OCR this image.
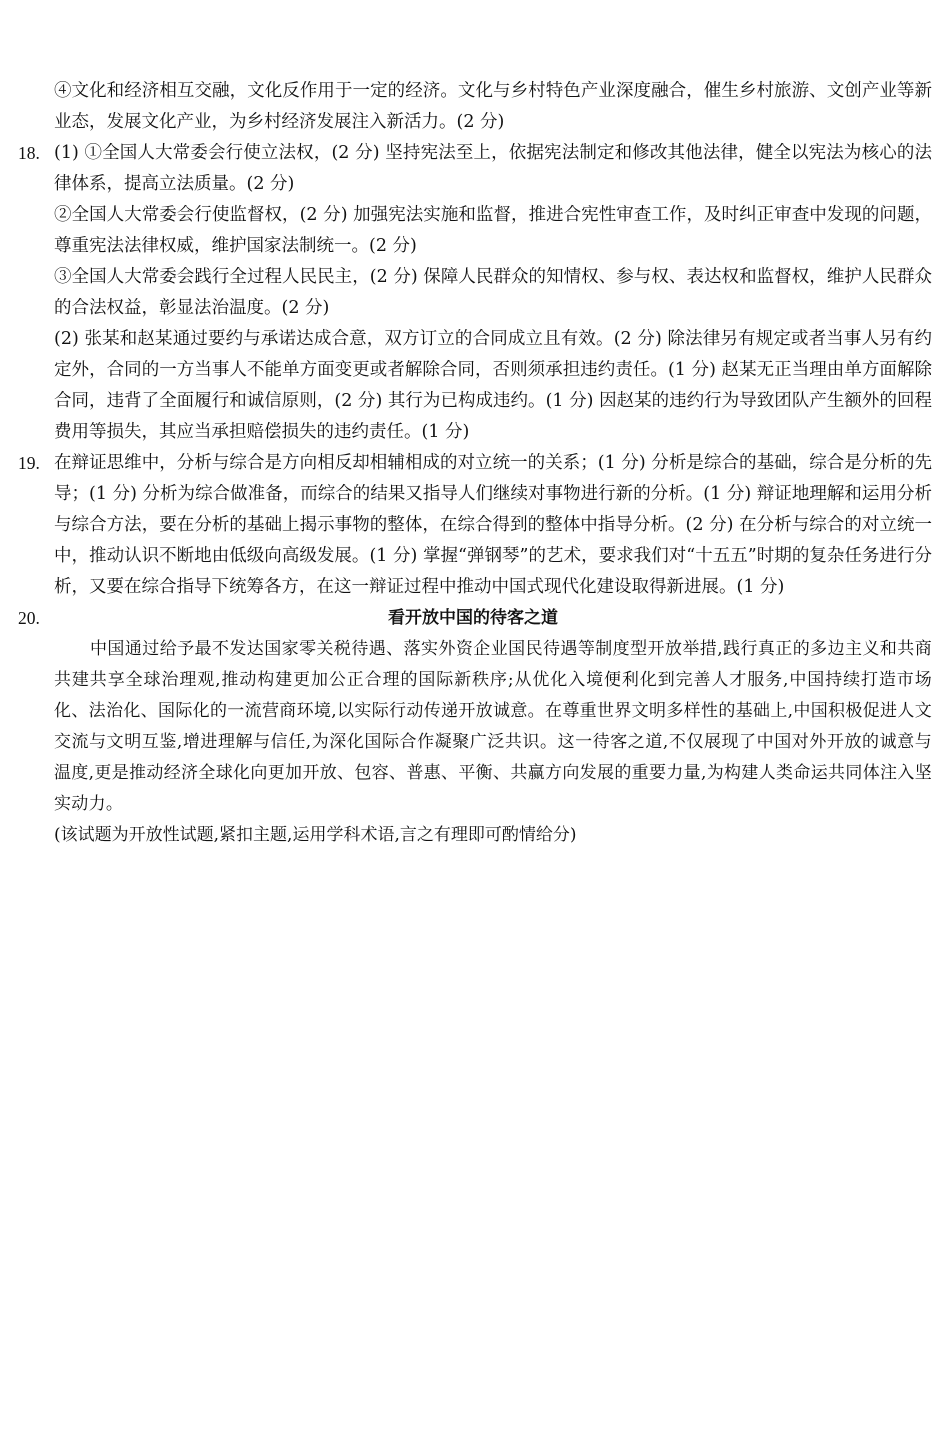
④文化和经济相互交融，文化反作用于一定的经济。文化与乡村特色产业深度融合，催生乡村旅游、文创产业等新业态，发展文化产业，为乡村经济发展注入新活力。(2 分)

18. (1) ①全国人大常委会行使立法权，(2 分) 坚持宪法至上，依据宪法制定和修改其他法律，健全以宪法为核心的法律体系，提高立法质量。(2 分)

②全国人大常委会行使监督权，(2 分) 加强宪法实施和监督，推进合宪性审查工作，及时纠正审查中发现的问题，尊重宪法法律权威，维护国家法制统一。(2 分)

③全国人大常委会践行全过程人民民主，(2 分) 保障人民群众的知情权、参与权、表达权和监督权，维护人民群众的合法权益，彰显法治温度。(2 分)

(2) 张某和赵某通过要约与承诺达成合意，双方订立的合同成立且有效。(2 分) 除法律另有规定或者当事人另有约定外，合同的一方当事人不能单方面变更或者解除合同，否则须承担违约责任。(1 分) 赵某无正当理由单方面解除合同，违背了全面履行和诚信原则，(2 分) 其行为已构成违约。(1 分) 因赵某的违约行为导致团队产生额外的回程费用等损失，其应当承担赔偿损失的违约责任。(1 分)

19. 在辩证思维中，分析与综合是方向相反却相辅相成的对立统一的关系；(1 分) 分析是综合的基础，综合是分析的先导；(1 分) 分析为综合做准备，而综合的结果又指导人们继续对事物进行新的分析。(1 分) 辩证地理解和运用分析与综合方法，要在分析的基础上揭示事物的整体，在综合得到的整体中指导分析。(2 分) 在分析与综合的对立统一中，推动认识不断地由低级向高级发展。(1 分) 掌握“弹钢琴”的艺术，要求我们对“十五五”时期的复杂任务进行分析，又要在综合指导下统筹各方，在这一辩证过程中推动中国式现代化建设取得新进展。(1 分)

20.	看开放中国的待客之道

中国通过给予最不发达国家零关税待遇、落实外资企业国民待遇等制度型开放举措,践行真正的多边主义和共商共建共享全球治理观,推动构建更加公正合理的国际新秩序;从优化入境便利化到完善人才服务,中国持续打造市场化、法治化、国际化的一流营商环境,以实际行动传递开放诚意。在尊重世界文明多样性的基础上,中国积极促进人文交流与文明互鉴,增进理解与信任,为深化国际合作凝聚广泛共识。这一待客之道,不仅展现了中国对外开放的诚意与温度,更是推动经济全球化向更加开放、包容、普惠、平衡、共赢方向发展的重要力量,为构建人类命运共同体注入坚实动力。

(该试题为开放性试题,紧扣主题,运用学科术语,言之有理即可酌情给分)
